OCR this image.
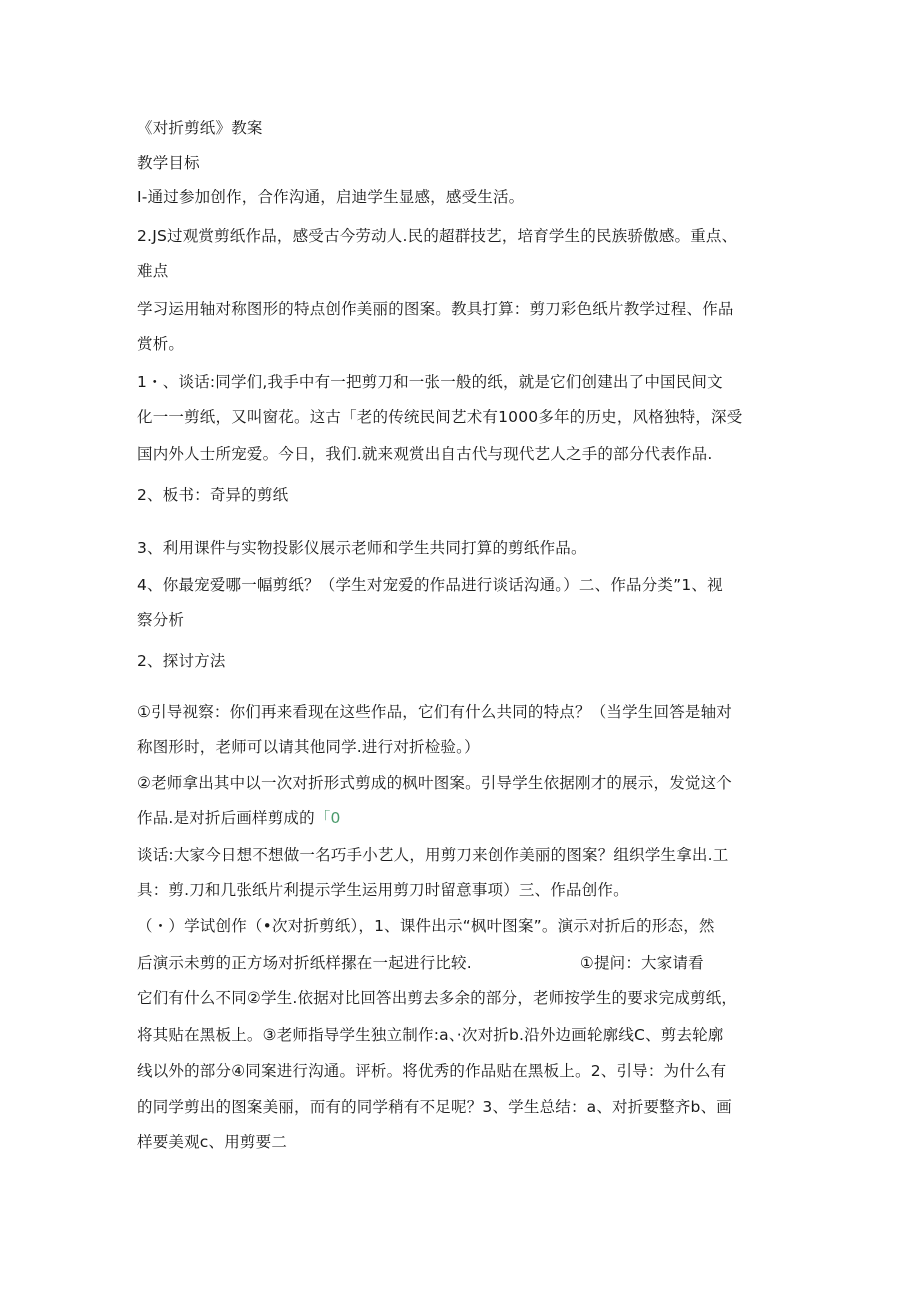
《对折剪纸》教案
教学目标
I-通过参加创作，合作沟通，启迪学生显感，感受生活。
2.JS过观赏剪纸作品，感受古今劳动人.民的超群技艺，培育学生的民族骄傲感。重点、
难点
学习运用轴对称图形的特点创作美丽的图案。教具打算：剪刀彩色纸片教学过程、作品
赏析。
1・、谈话:同学们,我手中有一把剪刀和一张一般的纸，就是它们创建出了中国民间文
化一一剪纸，又叫窗花。这古「老的传统民间艺术有1000多年的历史，风格独特，深受
国内外人士所宠爱。今日，我们.就来观赏出自古代与现代艺人之手的部分代表作品.
2、板书：奇异的剪纸
3、利用课件与实物投影仪展示老师和学生共同打算的剪纸作品。
4、你最宠爱哪一幅剪纸？（学生对宠爱的作品进行谈话沟通。）二、作品分类”1、视
察分析
2、探讨方法
①引导视察：你们再来看现在这些作品，它们有什么共同的特点？（当学生回答是轴对
称图形时，老师可以请其他同学.进行对折检验。）
②老师拿出其中以一次对折形式剪成的枫叶图案。引导学生依据刚才的展示，发觉这个
作品.是对折后画样剪成的「0
谈话:大家今日想不想做一名巧手小艺人，用剪刀来创作美丽的图案？组织学生拿出.工
具：剪.刀和几张纸片利提示学生运用剪刀时留意事项）三、作品创作。
（・）学试创作（•次对折剪纸），1、课件出示“枫叶图案”。演示对折后的形态，然
后演示未剪的正方场对折纸样摞在一起进行比较.	①提问：大家请看
它们有什么不同②学生.依据对比回答出剪去多余的部分，老师按学生的要求完成剪纸，
将其贴在黑板上。③老师指导学生独立制作:a、·次对折b.沿外边画轮廓线C、剪去轮廓
线以外的部分④同案进行沟通。评析。将优秀的作品贴在黑板上。2、引导：为什么有
的同学剪出的图案美丽，而有的同学稍有不足呢？3、学生总结：a、对折要整齐b、画
样要美观c、用剪要二
